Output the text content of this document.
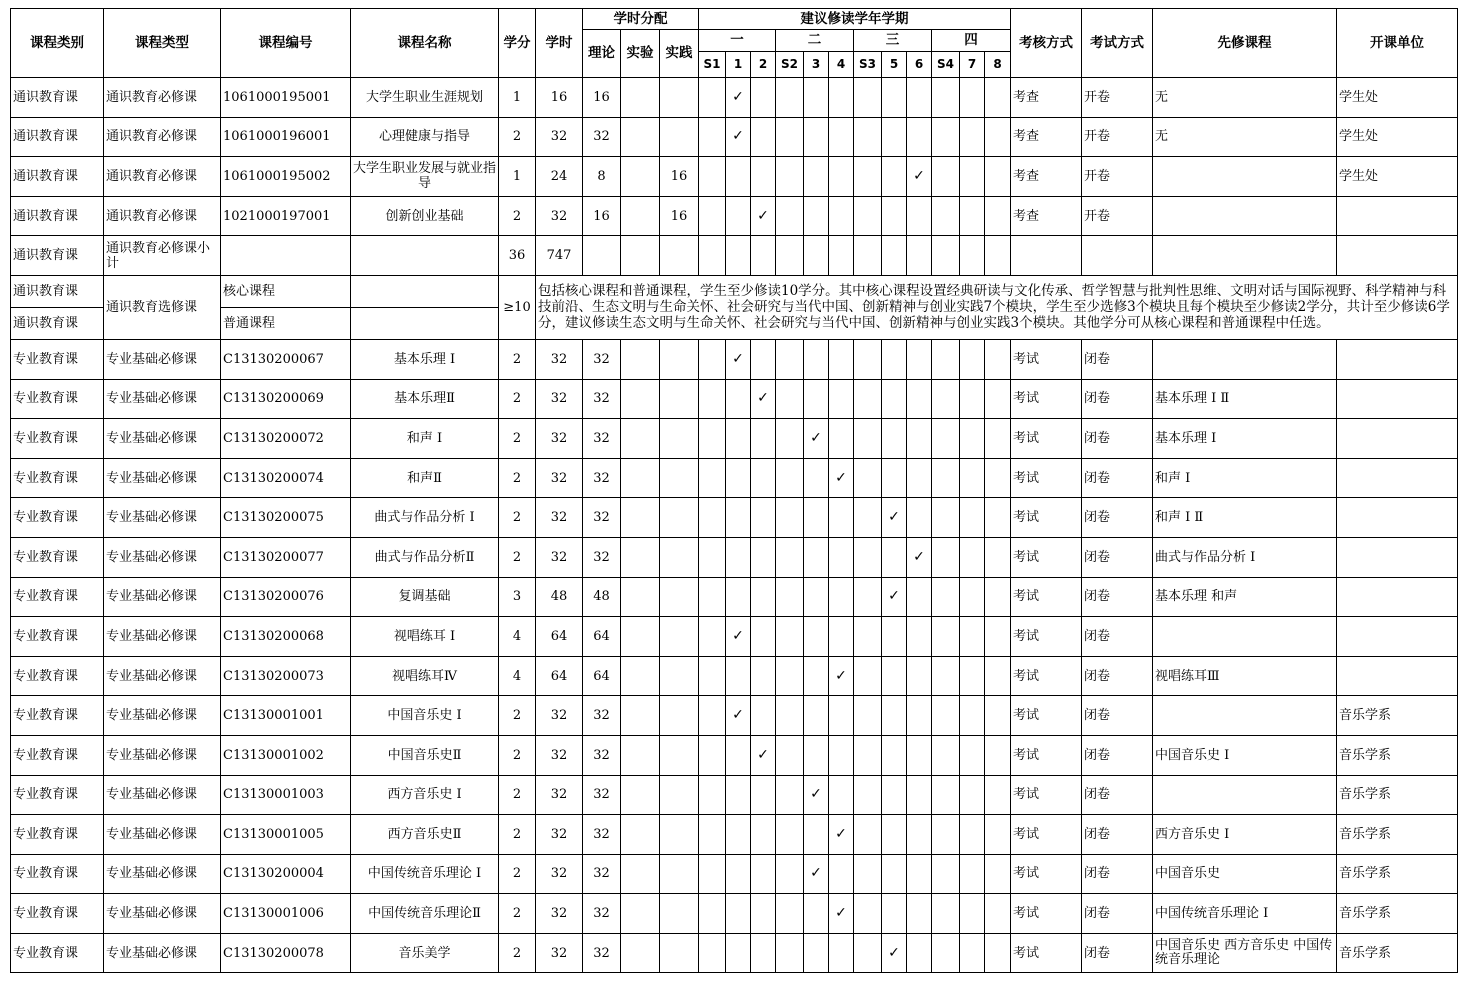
课程类别	课程类型	课程编号	课程名称	学分	学时	学时分配			建议修读学年学期												考核方式	考试方式	先修课程	开课单位
						理论	实验	实践	一			二			三			四						
									S1	1	2	S2	3	4	S3	5	6	S4	7	8				
通识教育课	通识教育必修课	1061000195001	大学生职业生涯规划	1	16	16				✓											考查	开卷	无	学生处
通识教育课	通识教育必修课	1061000196001	心理健康与指导	2	32	32				✓											考查	开卷	无	学生处
通识教育课	通识教育必修课	1061000195002	大学生职业发展与就业指导	1	24	8		16									✓				考查	开卷		学生处
通识教育课	通识教育必修课	1021000197001	创新创业基础	2	32	16		16			✓										考查	开卷		
通识教育课	通识教育必修课小计			36	747																			
通识教育课	通识教育选修课	核心课程		≥10	包括核心课程和普通课程，学生至少修读10学分。其中核心课程设置经典研读与文化传承、哲学智慧与批判性思维、文明对话与国际视野、科学精神与科技前沿、生态文明与生命关怀、社会研究与当代中国、创新精神与创业实践7个模块，学生至少选修3个模块且每个模块至少修读2学分，共计至少修读6学分，建议修读生态文明与生命关怀、社会研究与当代中国、创新精神与创业实践3个模块。其他学分可从核心课程和普通课程中任选。																			
通识教育课		普通课程																						
专业教育课	专业基础必修课	C13130200067	基本乐理 I	2	32	32				✓											考试	闭卷		
专业教育课	专业基础必修课	C13130200069	基本乐理Ⅱ	2	32	32					✓										考试	闭卷	基本乐理 I Ⅱ	
专业教育课	专业基础必修课	C13130200072	和声 I	2	32	32							✓								考试	闭卷	基本乐理 I	
专业教育课	专业基础必修课	C13130200074	和声Ⅱ	2	32	32								✓							考试	闭卷	和声 I	
专业教育课	专业基础必修课	C13130200075	曲式与作品分析 I	2	32	32										✓					考试	闭卷	和声 I Ⅱ	
专业教育课	专业基础必修课	C13130200077	曲式与作品分析Ⅱ	2	32	32											✓				考试	闭卷	曲式与作品分析 I	
专业教育课	专业基础必修课	C13130200076	复调基础	3	48	48										✓					考试	闭卷	基本乐理 和声	
专业教育课	专业基础必修课	C13130200068	视唱练耳 I	4	64	64				✓											考试	闭卷		
专业教育课	专业基础必修课	C13130200073	视唱练耳Ⅳ	4	64	64								✓							考试	闭卷	视唱练耳Ⅲ	
专业教育课	专业基础必修课	C13130001001	中国音乐史 I	2	32	32				✓											考试	闭卷		音乐学系
专业教育课	专业基础必修课	C13130001002	中国音乐史Ⅱ	2	32	32					✓										考试	闭卷	中国音乐史 I	音乐学系
专业教育课	专业基础必修课	C13130001003	西方音乐史 I	2	32	32							✓								考试	闭卷		音乐学系
专业教育课	专业基础必修课	C13130001005	西方音乐史Ⅱ	2	32	32								✓							考试	闭卷	西方音乐史 I	音乐学系
专业教育课	专业基础必修课	C13130200004	中国传统音乐理论 I	2	32	32							✓								考试	闭卷	中国音乐史	音乐学系
专业教育课	专业基础必修课	C13130001006	中国传统音乐理论Ⅱ	2	32	32								✓							考试	闭卷	中国传统音乐理论 I	音乐学系
专业教育课	专业基础必修课	C13130200078	音乐美学	2	32	32										✓					考试	闭卷	中国音乐史 西方音乐史 中国传统音乐理论	音乐学系
